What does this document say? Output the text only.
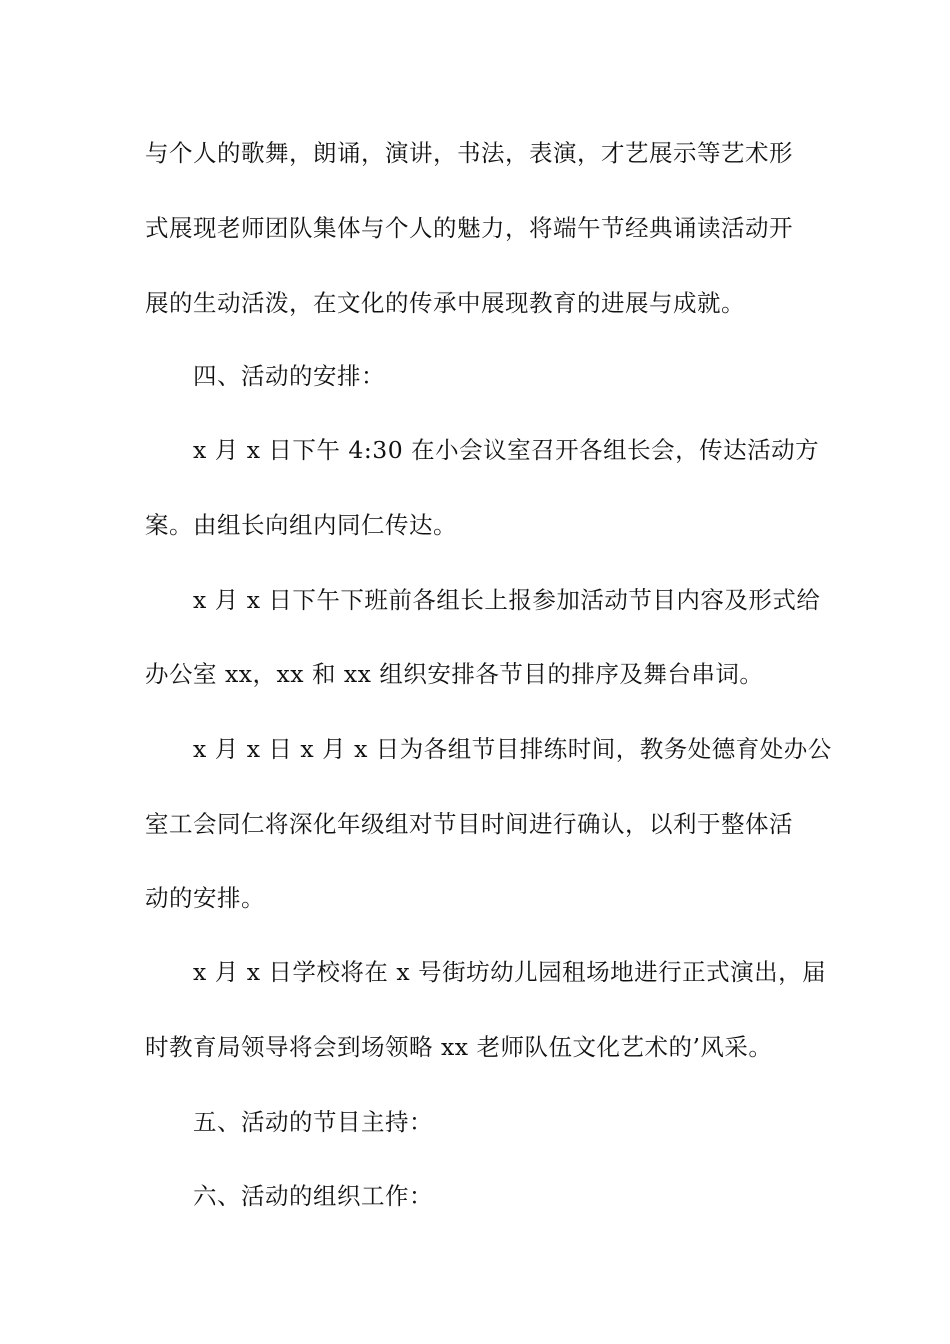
与个人的歌舞，朗诵，演讲，书法，表演，才艺展示等艺术形
式展现老师团队集体与个人的魅力，将端午节经典诵读活动开
展的生动活泼，在文化的传承中展现教育的进展与成就。
四、活动的安排：
x 月 x 日下午 4:30 在小会议室召开各组长会，传达活动方
案。由组长向组内同仁传达。
x 月 x 日下午下班前各组长上报参加活动节目内容及形式给
办公室 xx，xx 和 xx 组织安排各节目的排序及舞台串词。
x 月 x 日 x 月 x 日为各组节目排练时间，教务处德育处办公
室工会同仁将深化年级组对节目时间进行确认，以利于整体活
动的安排。
x 月 x 日学校将在 x 号街坊幼儿园租场地进行正式演出，届
时教育局领导将会到场领略 xx 老师队伍文化艺术的’风采。
五、活动的节目主持：
六、活动的组织工作：
